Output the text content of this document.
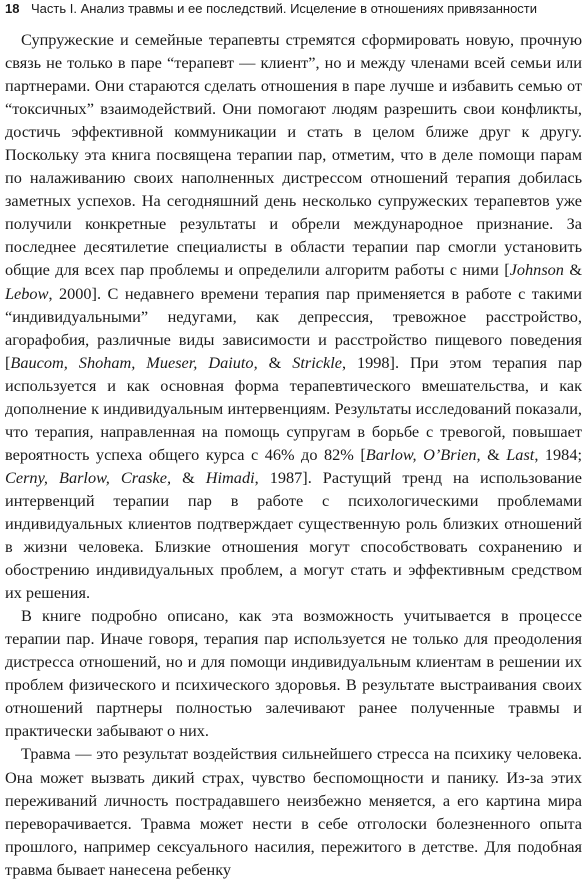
18 Часть I. Анализ травмы и ее последствий. Исцеление в отношениях привязанности

Супружеские и семейные терапевты стремятся сформировать новую, прочную связь не только в паре “терапевт — клиент”, но и между членами всей семьи или партнерами. Они стараются сделать отношения в паре лучше и избавить семью от “токсичных” взаимодействий. Они помогают людям разрешить свои конфликты, достичь эффективной коммуникации и стать в целом ближе друг к другу. Поскольку эта книга посвящена терапии пар, отметим, что в деле помощи парам по налаживанию своих наполненных дистрессом отношений терапия добилась заметных успехов. На сегодняшний день несколько супружеских терапевтов уже получили конкретные результаты и обрели международное признание. За последнее десятилетие специалисты в области терапии пар смогли установить общие для всех пар проблемы и определили алгоритм работы с ними [Johnson & Lebow, 2000]. С недавнего времени терапия пар применяется в работе с такими “индивидуальными” недугами, как депрессия, тревожное расстройство, агорафобия, различные виды зависимости и расстройство пищевого поведения [Baucom, Shoham, Mueser, Daiuto, & Strickle, 1998]. При этом терапия пар используется и как основная форма терапевтического вмешательства, и как дополнение к индивидуальным интервенциям. Результаты исследований показали, что терапия, направленная на помощь супругам в борьбе с тревогой, повышает вероятность успеха общего курса с 46% до 82% [Barlow, O’Brien, & Last, 1984; Cerny, Barlow, Craske, & Himadi, 1987]. Растущий тренд на использование интервенций терапии пар в работе с психологическими проблемами индивидуальных клиентов подтверждает существенную роль близких отношений в жизни человека. Близкие отношения могут способствовать сохранению и обострению индивидуальных проблем, а могут стать и эффективным средством их решения.

В книге подробно описано, как эта возможность учитывается в процессе терапии пар. Иначе говоря, терапия пар используется не только для преодоления дистресса отношений, но и для помощи индивидуальным клиентам в решении их проблем физического и психического здоровья. В результате выстраивания своих отношений партнеры полностью залечивают ранее полученные травмы и практически забывают о них.

Травма — это результат воздействия сильнейшего стресса на психику человека. Она может вызвать дикий страх, чувство беспомощности и панику. Из-за этих переживаний личность пострадавшего неизбежно меняется, а его картина мира переворачивается. Травма может нести в себе отголоски болезненного опыта прошлого, например сексуального насилия, пережитого в детстве. Для подобная травма бывает нанесена ребенку
